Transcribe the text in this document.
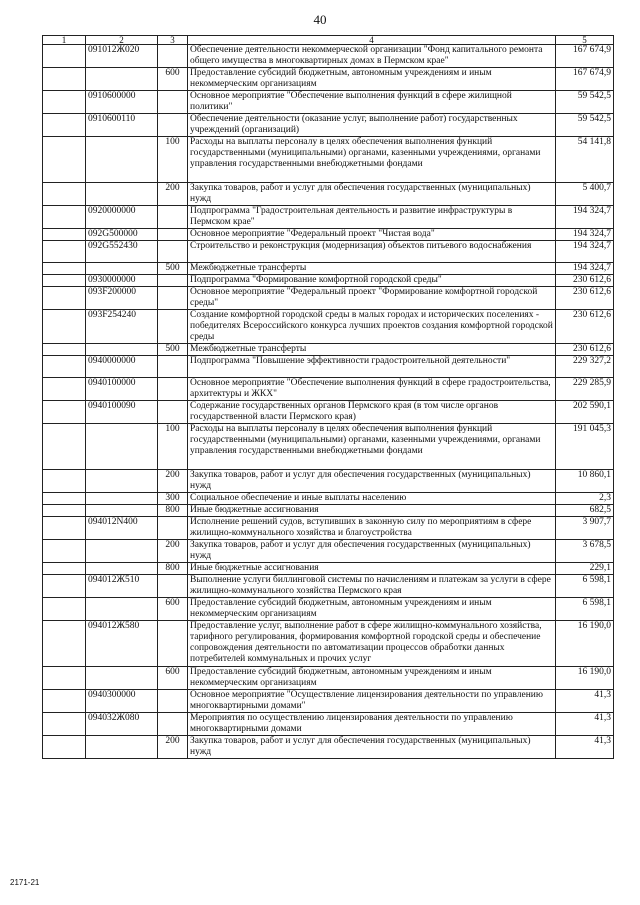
40
1	2	3	4	5
	091012Ж020		Обеспечение деятельности некоммерческой организации "Фонд капитального ремонта общего имущества в многоквартирных домах в Пермском крае"	167 674,9
		600	Предоставление субсидий бюджетным, автономным учреждениям и иным некоммерческим организациям	167 674,9
	0910600000		Основное мероприятие "Обеспечение выполнения функций в сфере жилищной политики"	59 542,5
	0910600110		Обеспечение деятельности (оказание услуг, выполнение работ) государственных учреждений (организаций)	59 542,5
		100	Расходы на выплаты персоналу в целях обеспечения выполнения функций государственными (муниципальными) органами, казенными учреждениями, органами управления государственными внебюджетными фондами	54 141,8
		200	Закупка товаров, работ и услуг для обеспечения государственных (муниципальных) нужд	5 400,7
	0920000000		Подпрограмма "Градостроительная деятельность и развитие инфраструктуры в Пермском крае"	194 324,7
	092G500000		Основное мероприятие "Федеральный проект "Чистая вода"	194 324,7
	092G552430		Строительство и реконструкция (модернизация) объектов питьевого водоснабжения	194 324,7
		500	Межбюджетные трансферты	194 324,7
	0930000000		Подпрограмма "Формирование комфортной городской среды"	230 612,6
	093F200000		Основное мероприятие "Федеральный проект "Формирование комфортной городской среды"	230 612,6
	093F254240		Создание комфортной городской среды в малых городах и исторических поселениях - победителях Всероссийского конкурса лучших проектов создания комфортной городской среды	230 612,6
		500	Межбюджетные трансферты	230 612,6
	0940000000		Подпрограмма "Повышение эффективности градостроительной деятельности"	229 327,2
	0940100000		Основное мероприятие "Обеспечение выполнения функций в сфере градостроительства, архитектуры и ЖКХ"	229 285,9
	0940100090		Содержание государственных органов Пермского края (в том числе органов государственной власти Пермского края)	202 590,1
		100	Расходы на выплаты персоналу в целях обеспечения выполнения функций государственными (муниципальными) органами, казенными учреждениями, органами управления государственными внебюджетными фондами	191 045,3
		200	Закупка товаров, работ и услуг для обеспечения государственных (муниципальных) нужд	10 860,1
		300	Социальное обеспечение и иные выплаты населению	2,3
		800	Иные бюджетные ассигнования	682,5
	094012N400		Исполнение решений судов, вступивших в законную силу по мероприятиям в сфере жилищно-коммунального хозяйства и благоустройства	3 907,7
		200	Закупка товаров, работ и услуг для обеспечения государственных (муниципальных) нужд	3 678,5
		800	Иные бюджетные ассигнования	229,1
	094012Ж510		Выполнение услуги биллинговой системы по начислениям и платежам за услуги в сфере жилищно-коммунального хозяйства Пермского края	6 598,1
		600	Предоставление субсидий бюджетным, автономным учреждениям и иным некоммерческим организациям	6 598,1
	094012Ж580		Предоставление услуг, выполнение работ в сфере жилищно-коммунального хозяйства, тарифного регулирования, формирования комфортной городской среды и обеспечение сопровождения деятельности по автоматизации процессов обработки данных потребителей коммунальных и прочих услуг	16 190,0
		600	Предоставление субсидий бюджетным, автономным учреждениям и иным некоммерческим организациям	16 190,0
	0940300000		Основное мероприятие "Осуществление лицензирования деятельности по управлению многоквартирными домами"	41,3
	094032Ж080		Мероприятия по осуществлению лицензирования деятельности по управлению многоквартирными домами	41,3
		200	Закупка товаров, работ и услуг для обеспечения государственных (муниципальных) нужд	41,3
2171-21
